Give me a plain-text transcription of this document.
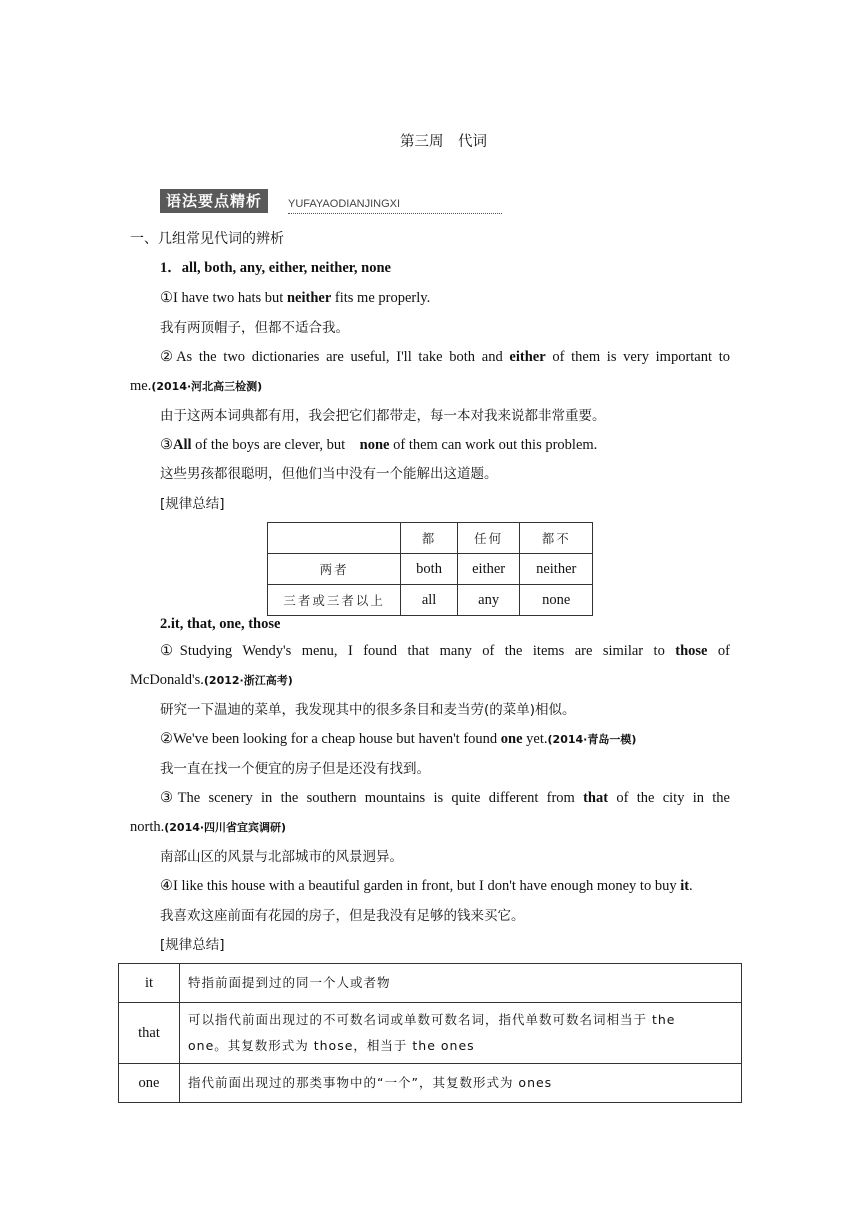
第三周　代词
语法要点精析	YUFAYAODIANJINGXI
一、几组常见代词的辨析
1．all, both, any, either, neither, none
①I have two hats but neither fits me properly.
我有两顶帽子，但都不适合我。
②As the two dictionaries are useful, I'll take both and either of them is very important to
me.(2014·河北高三检测)
由于这两本词典都有用，我会把它们都带走，每一本对我来说都非常重要。
③All of the boys are clever, but　none of them can work out this problem.
这些男孩都很聪明，但他们当中没有一个能解出这道题。
[规律总结]
	都	任何	都不
两者	both	either	neither
三者或三者以上	all	any	none
2.it, that, one, those
①Studying Wendy's menu, I found that many of the items are similar to those of
McDonald's.(2012·浙江高考)
研究一下温迪的菜单，我发现其中的很多条目和麦当劳(的菜单)相似。
②We've been looking for a cheap house but haven't found one yet.(2014·青岛一模)
我一直在找一个便宜的房子但是还没有找到。
③The scenery in the southern mountains is quite different from that of the city in the
north.(2014·四川省宜宾调研)
南部山区的风景与北部城市的风景迥异。
④I like this house with a beautiful garden in front, but I don't have enough money to buy it.
我喜欢这座前面有花园的房子，但是我没有足够的钱来买它。
[规律总结]
it	特指前面提到过的同一个人或者物
that	可以指代前面出现过的不可数名词或单数可数名词，指代单数可数名词相当于 the
one。其复数形式为 those，相当于 the ones

one	指代前面出现过的那类事物中的“一个”，其复数形式为 ones
